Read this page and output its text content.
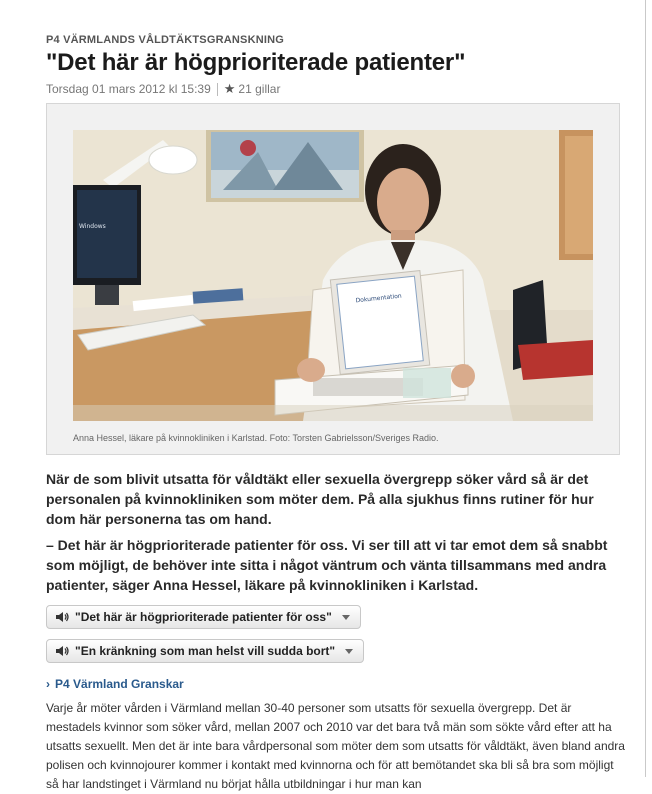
P4 VÄRMLANDS VÅLDTÄKTSGRANSKNING
"Det här är högprioriterade patienter"
Torsdag 01 mars 2012 kl 15:39 ★ 21 gillar
Windows
Dokumentation
Anna Hessel, läkare på kvinnokliniken i Karlstad. Foto: Torsten Gabrielsson/Sveriges Radio.

När de som blivit utsatta för våldtäkt eller sexuella övergrepp söker vård så är det personalen på kvinnokliniken som möter dem. På alla sjukhus finns rutiner för hur dom här personerna tas om hand.

– Det här är högprioriterade patienter för oss. Vi ser till att vi tar emot dem så snabbt som möjligt, de behöver inte sitta i något väntrum och vänta tillsammans med andra patienter, säger Anna Hessel, läkare på kvinnokliniken i Karlstad.

"Det här är högprioriterade patienter för oss"
"En kränkning som man helst vill sudda bort"
› P4 Värmland Granskar
Varje år möter vården i Värmland mellan 30-40 personer som utsatts för sexuella övergrepp. Det är mestadels kvinnor som söker vård, mellan 2007 och 2010 var det bara två män som sökte vård efter att ha utsatts sexuellt. Men det är inte bara vårdpersonal som möter dem som utsatts för våldtäkt, även bland andra polisen och kvinnojourer kommer i kontakt med kvinnorna och för att bemötandet ska bli så bra som möjligt så har landstinget i Värmland nu börjat hålla utbildningar i hur man kan
